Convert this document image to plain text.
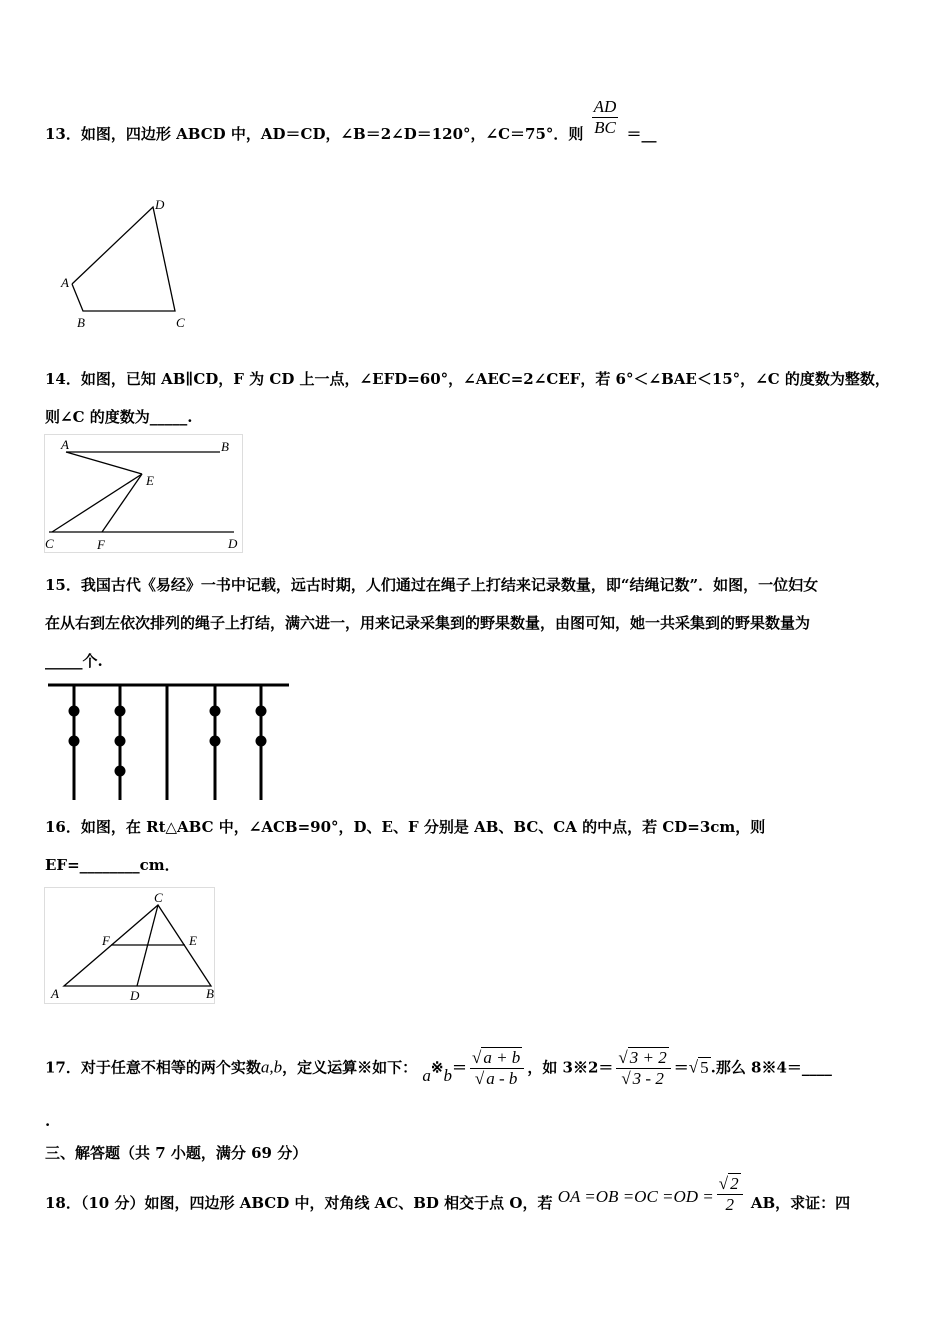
13．如图，四边形 ABCD 中，AD＝CD，∠B＝2∠D＝120°，∠C＝75°．则 $\frac{AD}{BC}$ ＝__
D
A
B	C
14．如图，已知 AB∥CD，F 为 CD 上一点，∠EFD=60°，∠AEC=2∠CEF，若 6°＜∠BAE＜15°，∠C 的度数为整数，
则∠C 的度数为_____.
A	B
E
C	F	D
15．我国古代《易经》一书中记载，远古时期，人们通过在绳子上打结来记录数量，即“结绳记数”．如图，一位妇女
在从右到左依次排列的绳子上打结，满六进一，用来记录采集到的野果数量，由图可知，她一共采集到的野果数量为
_____个.
16．如图，在 Rt△ABC 中，∠ACB=90°，D、E、F 分别是 AB、BC、CA 的中点，若 CD=3cm，则
EF=________cm．
C
F	E
A	D	B
17．对于任意不相等的两个实数a,b，定义运算※如下： a※b＝ $\frac{√ a + b}{√ a - b}$ ，如 3※2＝ $\frac{√ 3 + 2}{√ 3 - 2}$ ＝√ 5 .那么 8※4＝____
.
三、解答题（共 7 小题，满分 69 分）
18．（10 分）如图，四边形 ABCD 中，对角线 AC、BD 相交于点 O，若 OA $=OB =OC =OD = \frac{√ 2}{2}$ AB，求证：四
